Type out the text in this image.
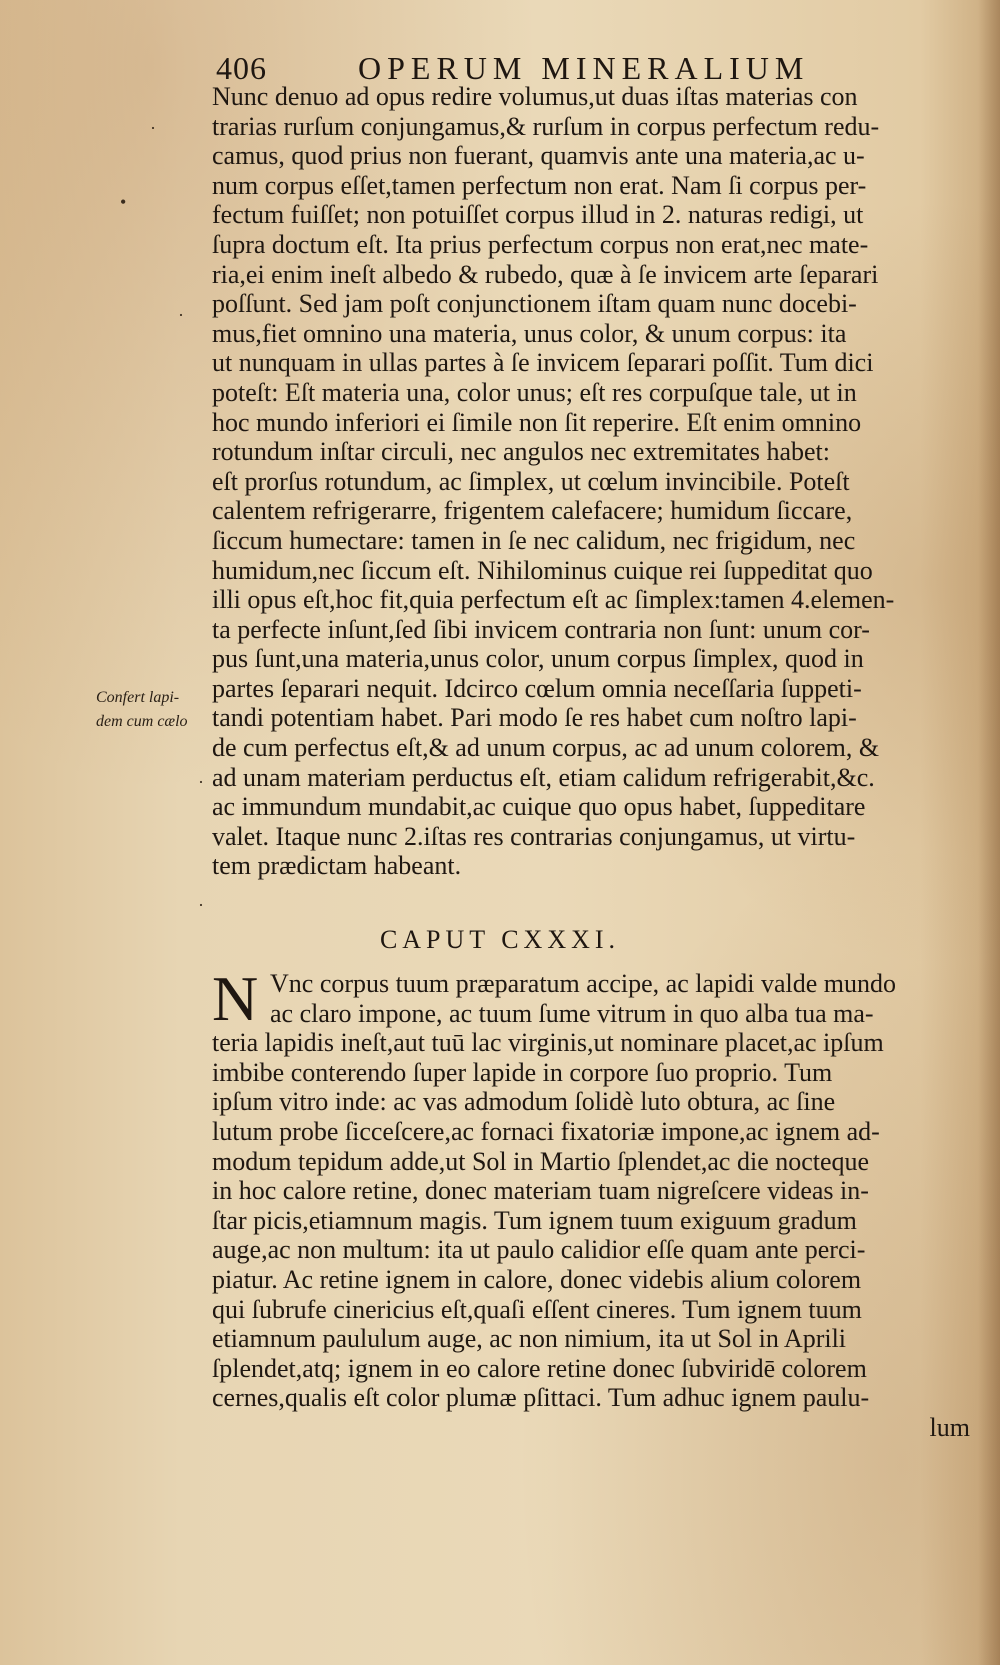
406	OPERUM MINERALIUM
Nunc denuo ad opus redire volumus,ut duas iſtas materias con
trarias rurſum conjungamus,& rurſum in corpus perfectum redu-
camus, quod prius non fuerant, quamvis ante una materia,ac u-
num corpus eſſet,tamen perfectum non erat. Nam ſi corpus per-
fectum fuiſſet; non potuiſſet corpus illud in 2. naturas redigi, ut
ſupra doctum eſt. Ita prius perfectum corpus non erat,nec mate-
ria,ei enim ineſt albedo & rubedo, quæ à ſe invicem arte ſeparari
poſſunt. Sed jam poſt conjunctionem iſtam quam nunc docebi-
mus,fiet omnino una materia, unus color, & unum corpus: ita
ut nunquam in ullas partes à ſe invicem ſeparari poſſit. Tum dici
poteſt: Eſt materia una, color unus; eſt res corpuſque tale, ut in
hoc mundo inferiori ei ſimile non ſit reperire. Eſt enim omnino
rotundum inſtar circuli, nec angulos nec extremitates habet:
eſt prorſus rotundum, ac ſimplex, ut cœlum invincibile. Poteſt
calentem refrigerarre, frigentem calefacere; humidum ſiccare,
ſiccum humectare: tamen in ſe nec calidum, nec frigidum, nec
humidum,nec ſiccum eſt. Nihilominus cuique rei ſuppeditat quo
illi opus eſt,hoc fit,quia perfectum eſt ac ſimplex:tamen 4.elemen-
ta perfecte inſunt,ſed ſibi invicem contraria non ſunt: unum cor-
pus ſunt,una materia,unus color, unum corpus ſimplex, quod in
partes ſeparari nequit. Idcirco cœlum omnia neceſſaria ſuppeti-
tandi potentiam habet. Pari modo ſe res habet cum noſtro lapi-
de cum perfectus eſt,& ad unum corpus, ac ad unum colorem, &
ad unam materiam perductus eſt, etiam calidum refrigerabit,&c.
ac immundum mundabit,ac cuique quo opus habet, ſuppeditare
valet. Itaque nunc 2.iſtas res contrarias conjungamus, ut virtu-
tem prædictam habeant.
Confert lapi-
dem cum cælo
CAPUT CXXXI.
N Vnc corpus tuum præparatum accipe, ac lapidi valde mundo
ac claro impone, ac tuum ſume vitrum in quo alba tua ma-
teria lapidis ineſt,aut tuū lac virginis,ut nominare placet,ac ipſum
imbibe conterendo ſuper lapide in corpore ſuo proprio. Tum
ipſum vitro inde: ac vas admodum ſolidè luto obtura, ac ſine
lutum probe ſicceſcere,ac fornaci fixatoriæ impone,ac ignem ad-
modum tepidum adde,ut Sol in Martio ſplendet,ac die nocteque
in hoc calore retine, donec materiam tuam nigreſcere videas in-
ſtar picis,etiamnum magis. Tum ignem tuum exiguum gradum
auge,ac non multum: ita ut paulo calidior eſſe quam ante perci-
piatur. Ac retine ignem in calore, donec videbis alium colorem
qui ſubrufe cinericius eſt,quaſi eſſent cineres. Tum ignem tuum
etiamnum paululum auge, ac non nimium, ita ut Sol in Aprili
ſplendet,atq; ignem in eo calore retine donec ſubviridē colorem
cernes,qualis eſt color plumæ pſittaci. Tum adhuc ignem paulu-
lum
·
•
·
·
·
